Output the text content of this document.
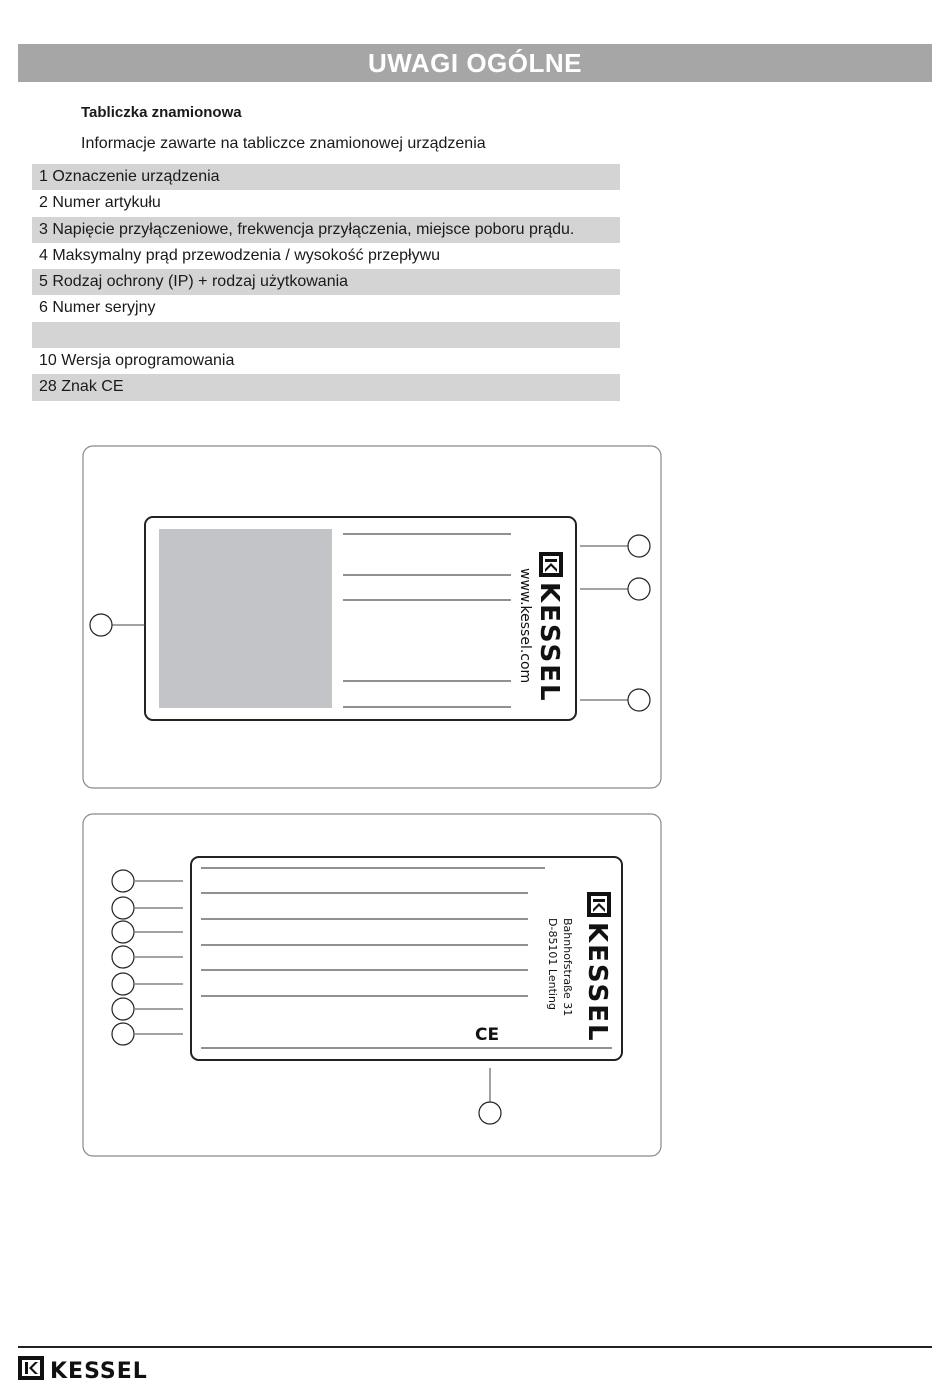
UWAGI OGÓLNE
Tabliczka znamionowa
Informacje zawarte na tabliczce znamionowej urządzenia
1 Oznaczenie urządzenia
2 Numer artykułu
3 Napięcie przyłączeniowe, frekwencja przyłączenia, miejsce poboru prądu.
4 Maksymalny prąd przewodzenia / wysokość przepływu
5 Rodzaj ochrony (IP) + rodzaj użytkowania
6 Numer seryjny
10 Wersja oprogramowania
28 Znak CE
KESSEL
www.kessel.com
CE	KESSEL
Bahnhofstraße 31
D-85101 Lenting
KESSEL
